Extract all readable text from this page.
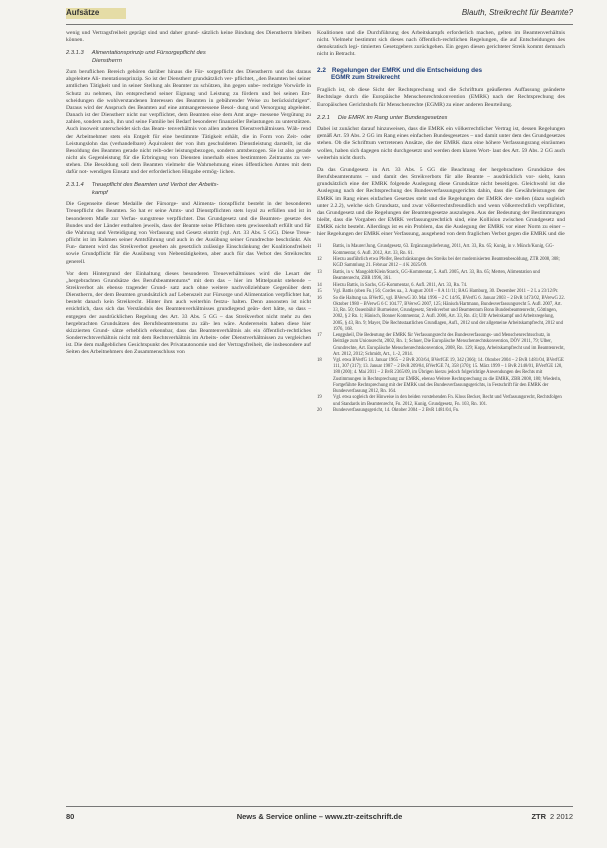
Aufsätze	Blauth, Streikrecht für Beamte?

wenig und Vertragsfreiheit geprägt sind und daher grund- sätzlich keine Bindung des Dienstherrn bleiben können.

2.3.1.3 Alimentationsprinzip und Fürsorgepflicht des
Dienstherrn

Zum beruflichen Bereich gehören darüber hinaus die Für- sorgepflicht des Dienstherrn und das daraus abgeleitete Ali- mentationsprinzip. So ist der Dienstherr grundsätzlich ver- pflichtet, „den Beamten bei seiner amtlichen Tätigkeit und in seiner Stellung als Beamter zu schützen, ihn gegen unbe- rechtigte Vorwürfe in Schutz zu nehmen, ihn entsprechend seiner Eignung und Leistung zu fördern und bei seinen Ent- scheidungen die wohlverstandenen Interessen des Beamten in gebührender Weise zu berücksichtigen“. Daraus wird der Anspruch des Beamten auf eine amtsangemessene Besol- dung und Versorgung abgeleitet. Danach ist der Dienstherr nicht nur verpflichtet, dem Beamten eine dem Amt ange- messene Vergütung zu zahlen, sondern auch, ihn und seine Familie bei Bedarf besonderer finanzieller Belastungen zu unterstützen. Auch insoweit unterscheidet sich das Beam- tenverhältnis von allen anderen Dienstverhältnissen. Wäh- rend der Arbeitnehmer stets ein Entgelt für eine bestimmte Tätigkeit erhält, die in Form von Zeit- oder Leistungslohn das (verhandelbare) Äquivalent der von ihm geschuldeten Dienstleistung darstellt, ist die Besoldung des Beamten gerade nicht reib-oder leistungsbezogen, sondern amtsbezogen. Sie ist also gerade nicht als Gegenleistung für die Erbringung von Diensten innerhalb eines bestimmten Zeitraums zu ver- stehen. Die Besoldung soll dem Beamten vielmehr die Wahrnehmung eines öffentlichen Amtes mit dem dafür not- wendigen Einsatz und der erforderlichen Hingabe ermög- lichen.

2.3.1.4 Treuepflicht des Beamten und Verbot der Arbeits-
kampf

Die Gegenseite dieser Medaille der Fürsorge- und Alimenta- tionspflicht besteht in der besonderen Treuepflicht des Beamten. So hat er seine Amts- und Dienstpflichten stets loyal zu erfüllen und ist in besonderem Maße zur Verfas- sungstreue verpflichtet. Das Grundgesetz und die Beamten- gesetze des Bundes und der Länder enthalten jeweils, dass der Beamte seine Pflichten stets gewissenhaft erfüllt und für die Wahrung und Verteidigung von Verfassung und Gesetz eintritt (vgl. Art. 33 Abs. 5 GG). Diese Treue- pflicht ist im Rahmen seiner Amtsführung und auch in der Ausübung seiner Grundrechte beschränkt. Als Fun- dament wird das Streikverbot gesehen als gesetzlich zulässige Einschränkung der Koalitionsfreiheit sowie Grundpflicht für die Ausübung von Nebentätigkeiten, aber auch für das Verbot des Streikrechts generell.

Vor dem Hintergrund der Einhaltung dieses besonderen Treueverhältnisses wird die Lesart der „hergebrachten Grundsätze des Berufsbeamtentums“ mit dem das – hier im Mittelpunkt stehende – Streikverbot als ebenso tragender Grund- satz auch ohne weitere nachvollziehbare Gegenüber dem Dienstherrn, der dem Beamten grundsätzlich auf Lebenszeit zur Fürsorge und Alimentation verpflichtet hat, besteht danach kein Streikrecht. Hinter ihm auch weiterhin festzu- halten. Denn ansonsten ist nicht ersichtlich, dass sich das Verständnis des Beamtenverhältnisses grundlegend geän- dert hätte, so dass – entgegen der ausdrücklichen Regelung des Art. 33 Abs. 5 GG – das Streikverbot nicht mehr zu den hergebrachten Grundsätzen des Berufsbeamtentums zu zäh- len wäre. Andererseits haben diese hier skizzierten Grund- sätze erheblich erkennbar, dass das Beamtenverhältnis als ein öffentlich-rechtliches Sonderrechtsverhältnis nicht mit dem Rechtsverhältnis im Arbeits- oder Dienstverhältnissen zu vergleichen ist. Die dem maßgeblichen Gesichtspunkt des Privatautonomie und der Vertragsfreiheit, die insbesondere auf Seiten des Arbeitnehmers den Zusammenschluss von

Koalitionen und die Durchführung des Arbeitskampfs erforderlich machen, gelten im Beamtenverhältnis nicht. Vielmehr bestimmt sich dieses nach öffentlich-rechtlichen Regelungen, die auf Entscheidungen des demokratisch legi- timierten Gesetzgebers zurückgehen. Ein gegen diesen gerichteter Streik kommt demnach nicht in Betracht.

2.2 Regelungen der EMRK und die Entscheidung des
EGMR zum Streikrecht

Fraglich ist, ob diese Sicht der Rechtsprechung und die Schrifttum geäußerten Auffassung geänderte Rechtslage durch die Europäische Menschenrechtskonvention (EMRK) nach der Rechtsprechung des Europäischen Gerichtshofs für Menschenrechte (EGMR) zu einer anderen Beurteilung.

2.2.1 Die EMRK im Rang unter Bundesgesetzes

Dabei ist zunächst darauf hinzuweisen, dass die EMRK ein völkerrechtlicher Vertrag ist, dessen Regelungen gemäß Art. 59 Abs. 2 GG im Rang eines einfachen Bundesgesetzes – und damit unter dem des Grundgesetzes stehen. Ob die Schrifttum vertretenen Ansätze, die der EMRK dazu eine höhere Verfassungsrang einräumen wollen, haben sich dagegen nicht durchgesetzt und werden dem klaren Wort- laut des Art. 59 Abs. 2 GG auch weiterhin nicht durch.

Da das Grundgesetz in Art. 33 Abs. 5 GG die Beachtung der hergebrachten Grundsätze des Berufsbeamtentums – und damit des Streikverbots für alle Beamte – ausdrücklich vor- sieht, kann grundsätzlich eine der EMRK folgende Auslegung diese Grundsätze nicht beseitigen. Gleichwohl ist die Auslegung nach der Rechtsprechung des Bundesverfassungsgerichts dahin, dass die Gewährleistungen der EMRK im Rang eines einfachen Gesetzes steht und die Regelungen der EMRK der- stellen (dazu sogleich unter 2.2.2), welche sich Grundsatz, und zwar völkerrechtsfreundlich und wenn völkerrechtlich verpflichtet, das Grundgesetz und die Regelungen der Beamtengesetze auszulegen. Aus der Bedeutung der Bestimmungen bleibt, dass die Vorgaben der EMRK verfassungsrechtlich sind, eine Kollision zwischen Grundgesetz und EMRK nicht besteht. Allerdings ist es ein Problem, das die Auslegung der EMRK vor einer Norm zu einer – hier Regelungen der EMRK einer Verfassung, ausgehend von dem fraglichen Verbot gegen die EMRK und die

11	Battis, in Maurer/Jung, Grundgesetz, 63. Ergänzungslieferung, 2011, Art. 33, Rn. 65; Kunig, in v. Münch/Kunig, GG-Kommentar, 6. Aufl. 2012, Art. 33, Rn. 61.
12	Hierzu ausführlich etwa Pfeifer, Beschränkungen des Streiks bei der modernisierten Beamtenbesoldung, ZTR 2008, 308; KGD Sammlung 21. Februar 2012 – 4 K 2025/09.
13	Battis, in v. Mangoldt/Klein/Starck, GG-Kommentar, 5. Aufl. 2005, Art. 33, Rn. 65; Merten, Alimentation und Beamtenrecht, ZBR 1996, 361.
14	Hierzu Battis, in Sachs, GG-Kommentar, 6. Aufl. 2011, Art. 33, Rn. 74.
15	Vgl. Battis (oben Fn.) 56; Cordes ua., 3. August 2010 – 8 A 11/11; BAG Hamburg, 30. Dezember 2011 – 2 L a 23/12/Pr.
16	So die Haltung ua. BVerfG, vgl. BVerwG 30. Mai 1996 – 2 C 14/95, BVerfG 6. Januar 2003 – 2 BvR 1473/02, BVerwG 22. Oktober 1980 – BVerwG 6 C 104.77, BVerwG 2007, 125; Hänisch/Hartmann, Bundesverfassungsrecht 5. Aufl. 2007, Art. 33, Rn. 50; Ossenbühl/ Burmeister, Grundgesetz, Streikverbot und Beamtentum Bonn Bundesbeamtenrecht, Göttingen, 2002, § 2 Rn. 1; Hänisch, Bonner Kommentar, 2. Aufl. 2006, Art. 33, Rn. 43; Ulfr Arbeitskampf und Arbeitsregelung, 2005, § 43, Rn. 9; Mayer, Die Rechtsstaatlichen Grundlagen, Aufl., 2012 und der allgemeine Arbeitskampfrecht, 2012 und 1976, 168.
17	Lenggsheil, Die Bedeutung der EMRK für Verfassungsrecht des Bundesverfassungs- und Menschenrechtsschutz, in Beiträge zum Unionsrecht, 2002, Rn. 1; Schuer, Die Europäische Menschenrechtskonvention, DÖV 2011, 79; Ulber, Grundrechte, Art. Europäische Menschenrechtskonvention, 2008, Rn. 129; Kopp, Arbeitskampfrecht und im Beamtenrecht, Art. 2012, 2012; Schmidt, Art., 1.-2, 2014.
18	Vgl. etwa BVerfG 14. Januar 1965 – 2 BvR 203/64, BVerfGE 19, 342 (366); 14. Oktober 2004 – 2 BvR 1481/04, BVerfGE 111, 307 (317); 13. Januar 1987 – 2 BvR 209/84, BVerfGE 74, 358 (370); 15. März 1999 – 1 BvR 2148/01, BVerfGE 120, 180 (200); 4. Mai 2011 – 2 BvR 2365/09, im Übrigen hierzu jedoch folgerichtige Anwendungen des Rechts mit Zustimmungen in Rechtsprechung zur EMRK, ebenso Weitere Rechtsprechung zu die EMRK, ZBR 2008, 180; Wiederin, Fortgeführte Rechtsprechung mit der EMRK und des Bundesverfassungsgerichts, in Festschrift für den EMRK der Bundesverfassung 2012, Rn. 164.
19	Vgl. etwa sogleich der Hinweise in den beiden vorstehenden Fn. Kloss Becker, Recht und Verfassungsrecht, Rechtsfolgen und Standards im Beamtenrecht, Fn. 2012, Kunig, Grundgesetz, Fn. 103, Rn. 101.
20	Bundesverfassungsgericht, 14. Oktober 2004 – 2 BvR 1481/04, Fn.
80	News & Service online – www.ztr-zeitschrift.de	ZTR 2 2012
